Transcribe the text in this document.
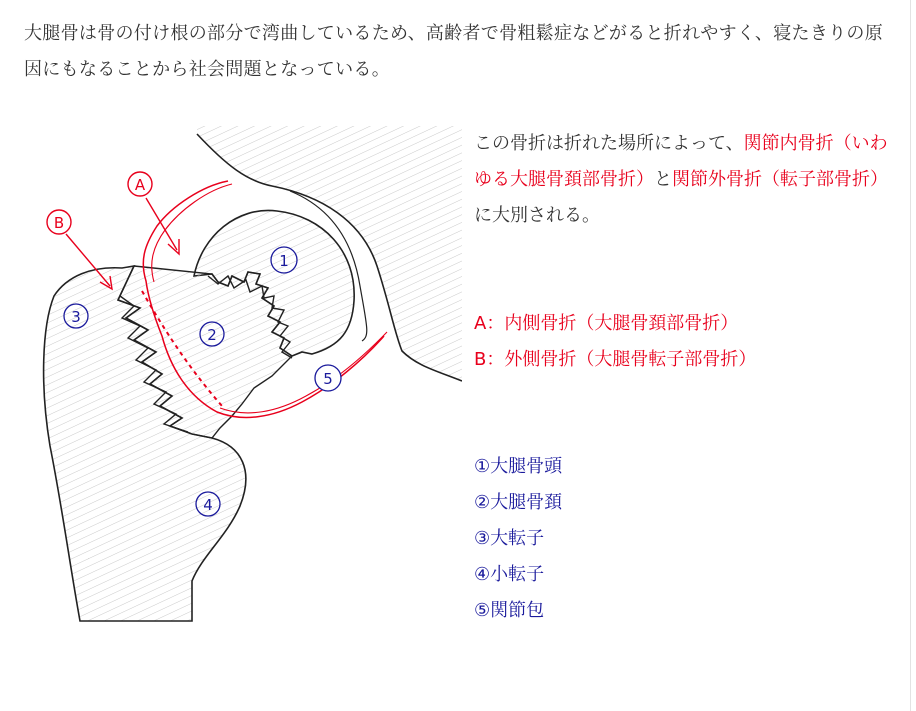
大腿骨は骨の付け根の部分で湾曲しているため、高齢者で骨粗鬆症などがると折れやすく、寝たきりの原因にもなることから社会問題となっている。

A
B
1
2
3
4
5

この骨折は折れた場所によって、関節内骨折（いわゆる大腿骨頚部骨折）と関節外骨折（転子部骨折）に大別される。

A：内側骨折（大腿骨頚部骨折）
B：外側骨折（大腿骨転子部骨折）
①大腿骨頭
②大腿骨頚
③大転子
④小転子
⑤関節包
